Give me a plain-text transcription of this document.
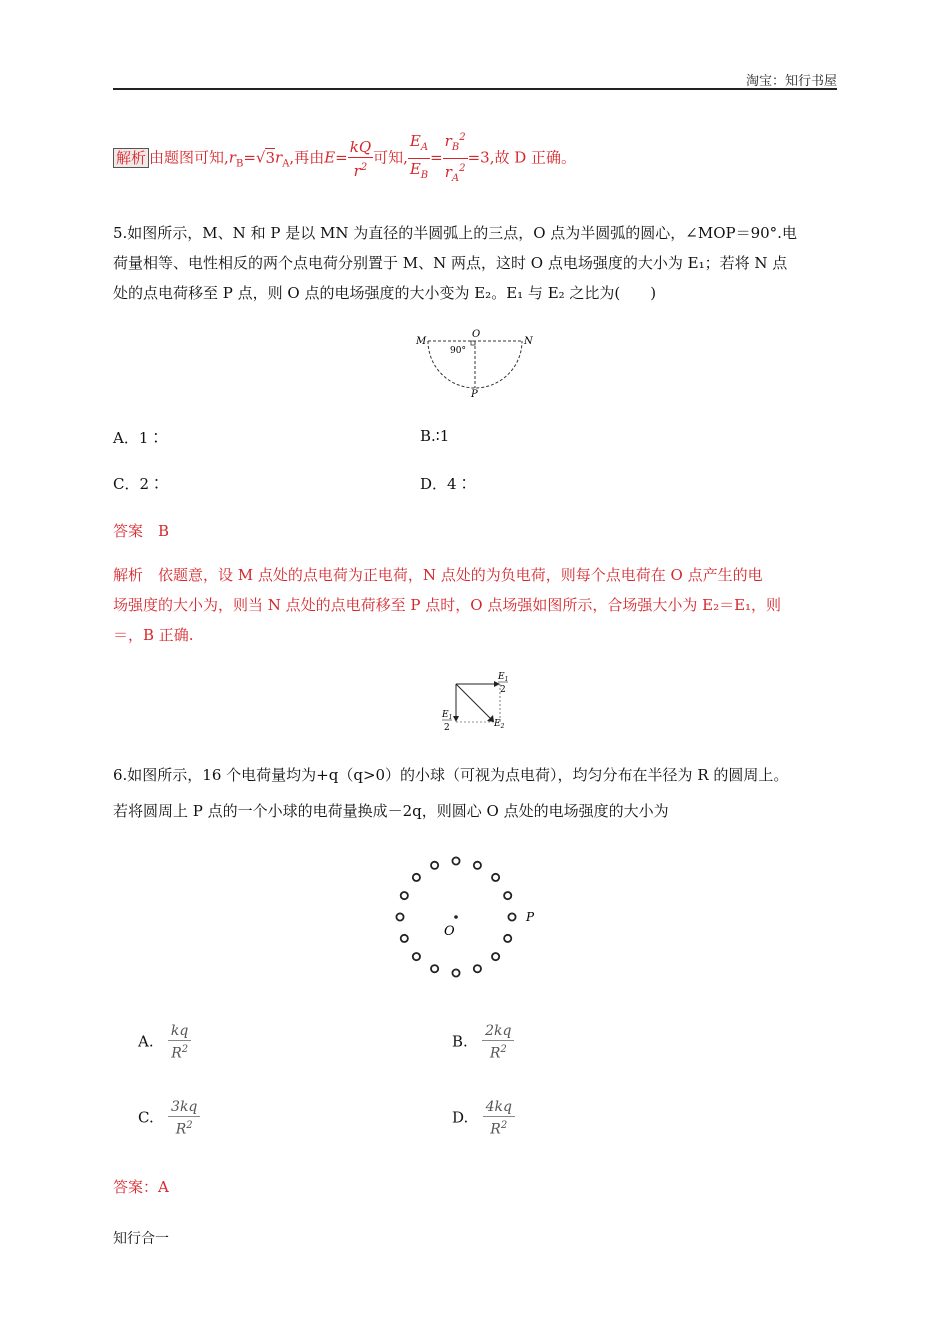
淘宝：知行书屋
解析 由题图可知$,r_B=√3r_A$,再由$E= \frac{kQ}{r^2}$ 可知, $\frac{E_A}{E_B} = \frac{r_B^2}{r_A^2} =3$,故 D 正确。
5.如图所示，M、N 和 P 是以 MN 为直径的半圆弧上的三点，O 点为半圆弧的圆心，∠MOP＝90°.电
荷量相等、电性相反的两个点电荷分别置于 M、N 两点，这时 O 点电场强度的大小为 E₁；若将 N 点
处的点电荷移至 P 点，则 O 点的电场强度的大小变为 E₂。E₁ 与 E₂ 之比为(　　)
M
O
N
P
90°
A．1∶	B.∶1
C．2∶	D．4∶
答案　B
解析　依题意，设 M 点处的点电荷为正电荷，N 点处的为负电荷，则每个点电荷在 O 点产生的电
场强度的大小为，则当 N 点处的点电荷移至 P 点时，O 点场强如图所示，合场强大小为 E₂＝E₁，则
＝，B 正确.
$E_1$
2
$E_1$
2	$E_2$
6.如图所示，16 个电荷量均为+q（q>0）的小球（可视为点电荷），均匀分布在半径为 R 的圆周上。
若将圆周上 P 点的一个小球的电荷量换成－2q，则圆心 O 点处的电场强度的大小为
O
P
A. $\frac{kq}{R^2}$	B. $\frac{2kq}{R^2}$
C. $\frac{3kq}{R^2}$	D. $\frac{4kq}{R^2}$
答案：A
知行合一
